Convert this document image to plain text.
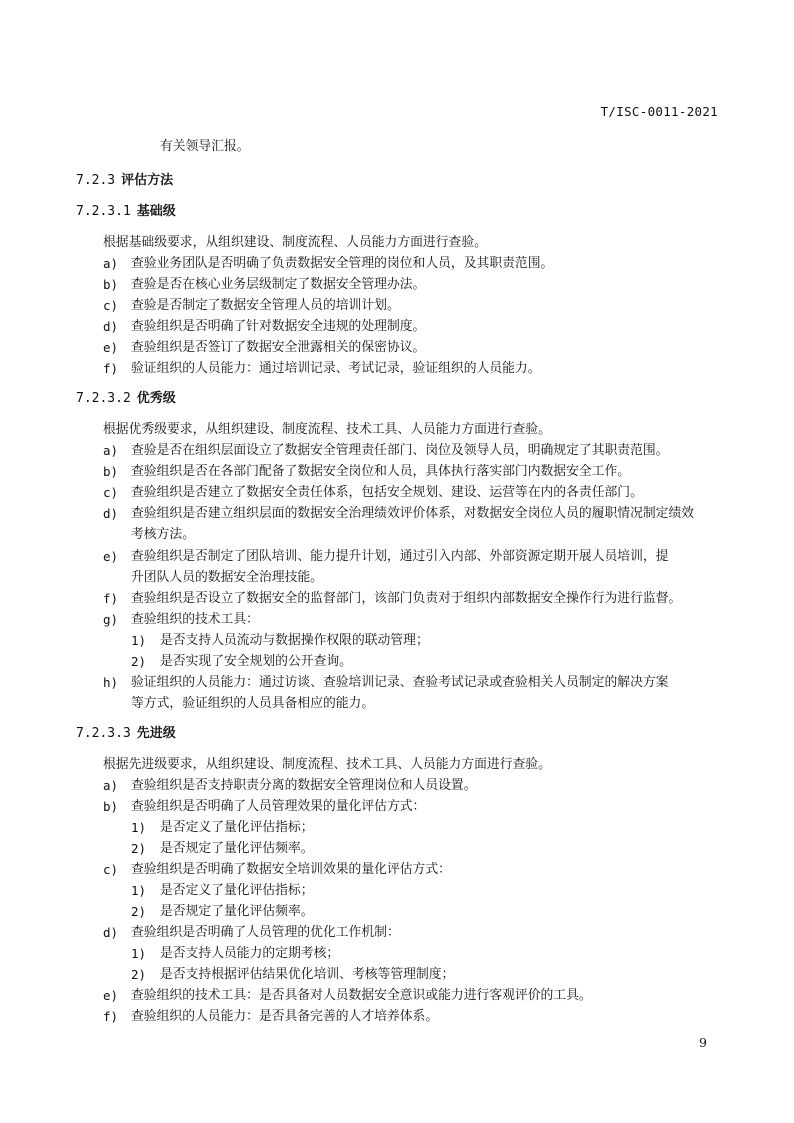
T/ISC-0011-2021
有关领导汇报。
7.2.3 评估方法
7.2.3.1 基础级
根据基础级要求，从组织建设、制度流程、人员能力方面进行查验。
a)	查验业务团队是否明确了负责数据安全管理的岗位和人员，及其职责范围。
b)	查验是否在核心业务层级制定了数据安全管理办法。
c)	查验是否制定了数据安全管理人员的培训计划。
d)	查验组织是否明确了针对数据安全违规的处理制度。
e)	查验组织是否签订了数据安全泄露相关的保密协议。
f)	验证组织的人员能力：通过培训记录、考试记录，验证组织的人员能力。
7.2.3.2 优秀级
根据优秀级要求，从组织建设、制度流程、技术工具、人员能力方面进行查验。
a)	查验是否在组织层面设立了数据安全管理责任部门、岗位及领导人员，明确规定了其职责范围。
b)	查验组织是否在各部门配备了数据安全岗位和人员，具体执行落实部门内数据安全工作。
c)	查验组织是否建立了数据安全责任体系，包括安全规划、建设、运营等在内的各责任部门。
d)	查验组织是否建立组织层面的数据安全治理绩效评价体系，对数据安全岗位人员的履职情况制定绩效
考核方法。
e)	查验组织是否制定了团队培训、能力提升计划，通过引入内部、外部资源定期开展人员培训，提
升团队人员的数据安全治理技能。
f)	查验组织是否设立了数据安全的监督部门，该部门负责对于组织内部数据安全操作行为进行监督。
g)	查验组织的技术工具：
1) 是否支持人员流动与数据操作权限的联动管理；
2) 是否实现了安全规划的公开查询。
h)	验证组织的人员能力：通过访谈、查验培训记录、查验考试记录或查验相关人员制定的解决方案
等方式，验证组织的人员具备相应的能力。
7.2.3.3 先进级
根据先进级要求，从组织建设、制度流程、技术工具、人员能力方面进行查验。
a)	查验组织是否支持职责分离的数据安全管理岗位和人员设置。
b)	查验组织是否明确了人员管理效果的量化评估方式：
1) 是否定义了量化评估指标；
2) 是否规定了量化评估频率。
c)	查验组织是否明确了数据安全培训效果的量化评估方式：
1) 是否定义了量化评估指标；
2) 是否规定了量化评估频率。
d)	查验组织是否明确了人员管理的优化工作机制：
1) 是否支持人员能力的定期考核；
2) 是否支持根据评估结果优化培训、考核等管理制度；
e)	查验组织的技术工具：是否具备对人员数据安全意识或能力进行客观评价的工具。
f)	查验组织的人员能力：是否具备完善的人才培养体系。
9
